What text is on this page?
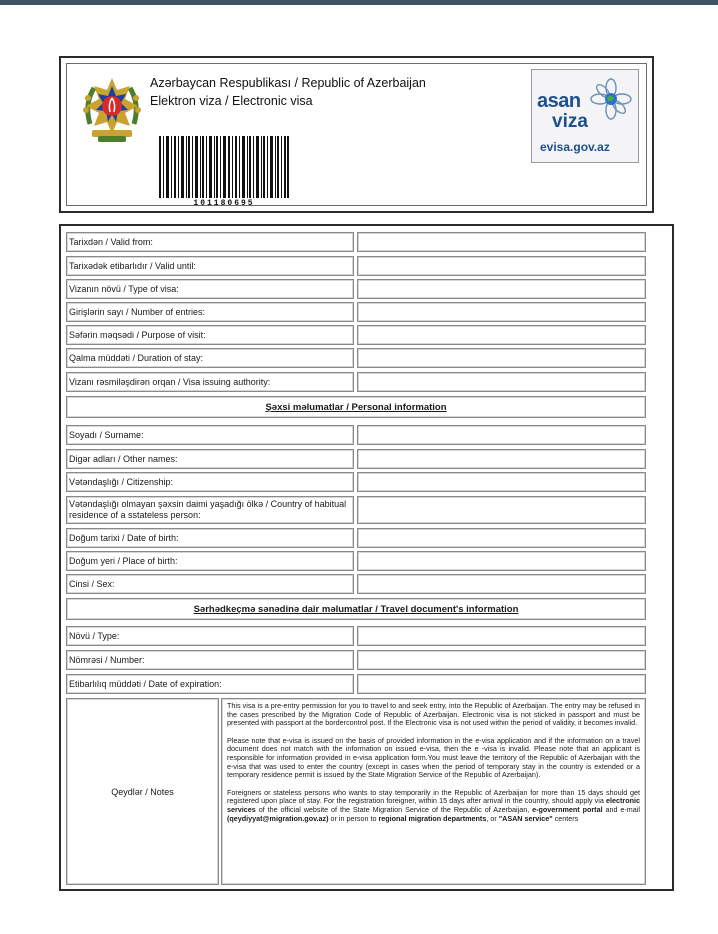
Azərbaycan Respublikası / Republic of Azerbaijan
Elektron viza / Electronic visa
101180695
asan
viza
evisa.gov.az
Tarixdən / Valid from:
Tarixədək etibarlıdır / Valid until:
Vizanın növü / Type of visa:
Girişlərin sayı / Number of entries:
Səfərin məqsədi / Purpose of visit:
Qalma müddəti / Duration of stay:
Vizanı rəsmiləşdirən orqan / Visa issuing authority:
Şəxsi məlumatlar / Personal information
Soyadı / Surname:
Digər adları / Other names:
Vətəndaşlığı / Citizenship:
Vətəndaşlığı olmayan şəxsin daimi yaşadığı ölkə / Country of habitual residence of a sstateless person:
Doğum tarixi / Date of birth:
Doğum yeri / Place of birth:
Cinsi / Sex:
Sərhədkeçmə sənədinə dair məlumatlar / Travel document's information
Növü / Type:
Nömrəsi / Number:
Etibarlılıq müddəti / Date of expiration:
Qeydlər / Notes

This visa is a pre-entry permission for you to travel to and seek entry, into the Republic of Azerbaijan. The entry may be refused in the cases prescribed by the Migration Code of Republic of Azerbaijan. Electronic visa is not sticked in passport and must be presented with passport at the bordercontrol post. If the Electronic visa is not used within the period of validity, it becomes invalid.

Please note that e-visa is issued on the basis of provided information in the e-visa application and if the information on a travel document does not match with the information on issued e-visa, then the e -visa is invalid. Please note that an applicant is responsible for information provided in e-visa application form.You must leave the territory of the Republic of Azerbaijan with the e-visa that was used to enter the country (except in cases when the period of temporary stay in the country is extended or a temporary residence permit is issued by the State Migration Service of the Republic of Azerbaijan).

Foreigners or stateless persons who wants to stay temporarily in the Republic of Azerbaijan for more than 15 days should get registered upon place of stay. For the registration foreigner, within 15 days after arrival in the country, should apply via electronic services of the official website of the State Migration Service of the Republic of Azerbaijan, e-government portal and e-mail (qeydiyyat@migration.gov.az) or in person to regional migration departments, or "ASAN service" centers
